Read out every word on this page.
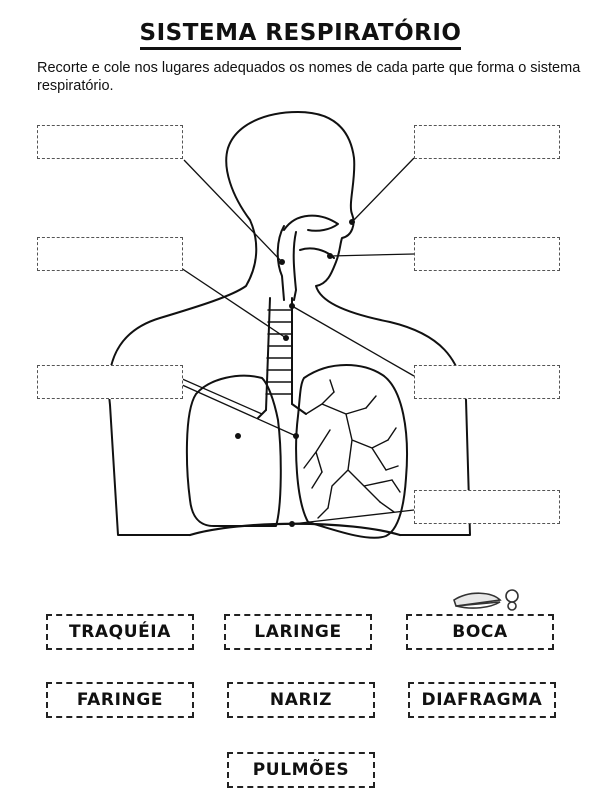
SISTEMA RESPIRATÓRIO
Recorte e cole nos lugares adequados os nomes de cada parte que forma o sistema respiratório.
TRAQUÉIA	LARINGE	BOCA
FARINGE	NARIZ	DIAFRAGMA
PULMÕES
